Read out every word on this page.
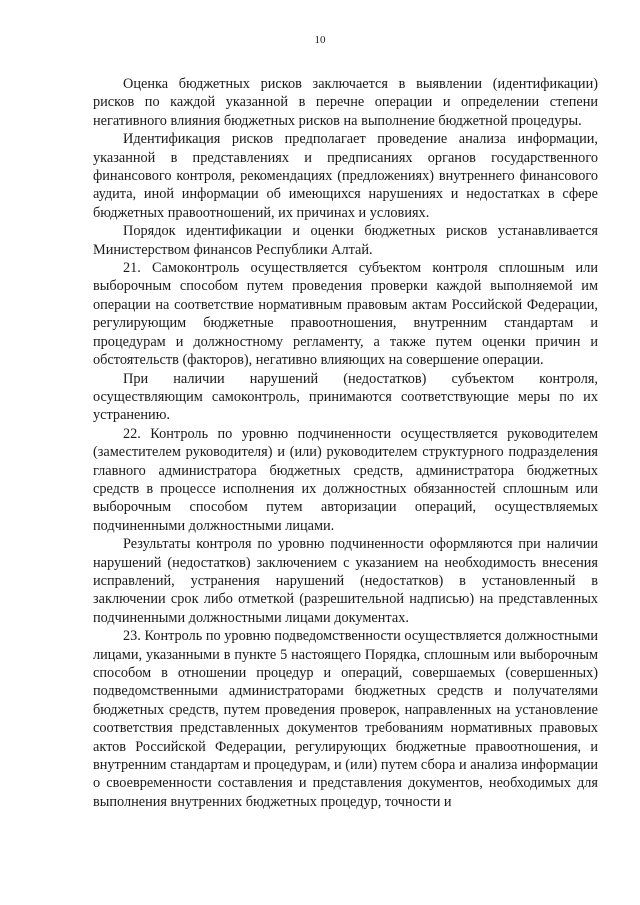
10

Оценка бюджетных рисков заключается в выявлении (идентификации) рисков по каждой указанной в перечне операции и определении степени негативного влияния бюджетных рисков на выполнение бюджетной процедуры.

Идентификация рисков предполагает проведение анализа информации, указанной в представлениях и предписаниях органов государственного финансового контроля, рекомендациях (предложениях) внутреннего финансового аудита, иной информации об имеющихся нарушениях и недостатках в сфере бюджетных правоотношений, их причинах и условиях.

Порядок идентификации и оценки бюджетных рисков устанавливается Министерством финансов Республики Алтай.

21. Самоконтроль осуществляется субъектом контроля сплошным или выборочным способом путем проведения проверки каждой выполняемой им операции на соответствие нормативным правовым актам Российской Федерации, регулирующим бюджетные правоотношения, внутренним стандартам и процедурам и должностному регламенту, а также путем оценки причин и обстоятельств (факторов), негативно влияющих на совершение операции.

При наличии нарушений (недостатков) субъектом контроля, осуществляющим самоконтроль, принимаются соответствующие меры по их устранению.

22. Контроль по уровню подчиненности осуществляется руководителем (заместителем руководителя) и (или) руководителем структурного подразделения главного администратора бюджетных средств, администратора бюджетных средств в процессе исполнения их должностных обязанностей сплошным или выборочным способом путем авторизации операций, осуществляемых подчиненными должностными лицами.

Результаты контроля по уровню подчиненности оформляются при наличии нарушений (недостатков) заключением с указанием на необходимость внесения исправлений, устранения нарушений (недостатков) в установленный в заключении срок либо отметкой (разрешительной надписью) на представленных подчиненными должностными лицами документах.

23. Контроль по уровню подведомственности осуществляется должностными лицами, указанными в пункте 5 настоящего Порядка, сплошным или выборочным способом в отношении процедур и операций, совершаемых (совершенных) подведомственными администраторами бюджетных средств и получателями бюджетных средств, путем проведения проверок, направленных на установление соответствия представленных документов требованиям нормативных правовых актов Российской Федерации, регулирующих бюджетные правоотношения, и внутренним стандартам и процедурам, и (или) путем сбора и анализа информации о своевременности составления и представления документов, необходимых для выполнения внутренних бюджетных процедур, точности и
